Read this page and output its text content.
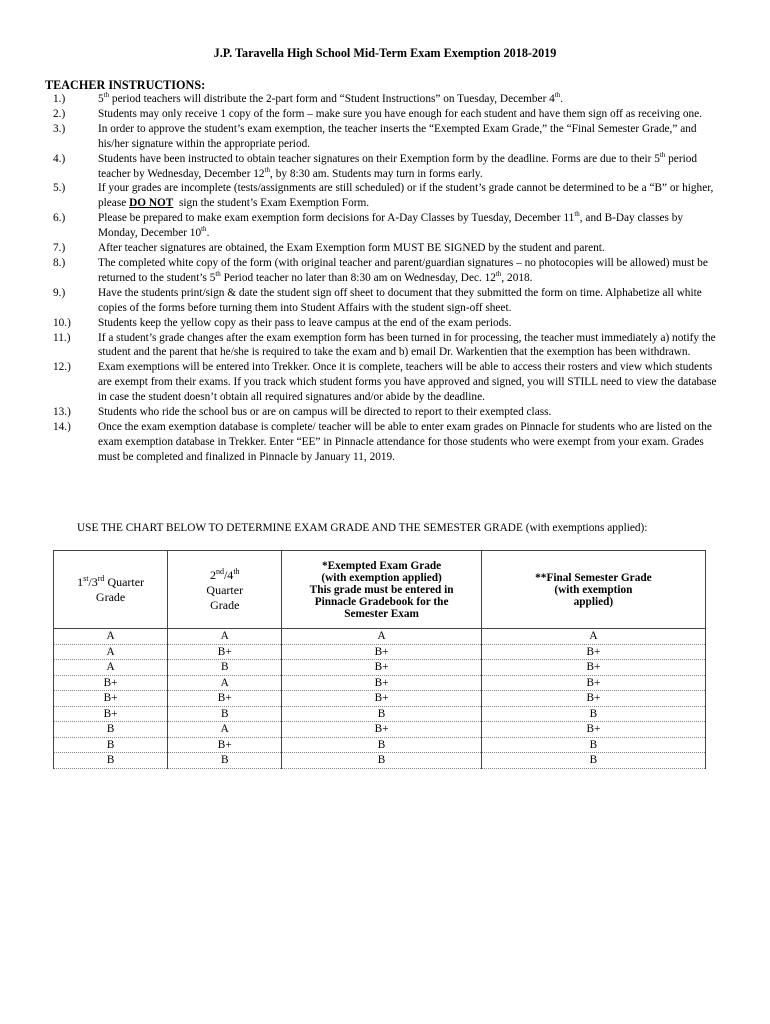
J.P. Taravella High School Mid-Term Exam Exemption 2018-2019
TEACHER INSTRUCTIONS:
1.)	5th period teachers will distribute the 2-part form and “Student Instructions” on Tuesday, December 4th.
2.)	Students may only receive 1 copy of the form – make sure you have enough for each student and have them sign off as receiving one.
3.)	In order to approve the student’s exam exemption, the teacher inserts the “Exempted Exam Grade,” the “Final Semester Grade,” and his/her signature within the appropriate period.
4.)	Students have been instructed to obtain teacher signatures on their Exemption form by the deadline. Forms are due to their 5th period teacher by Wednesday, December 12th, by 8:30 am. Students may turn in forms early.
5.)	If your grades are incomplete (tests/assignments are still scheduled) or if the student’s grade cannot be determined to be a “B” or higher, please DO NOT  sign the student’s Exam Exemption Form.
6.)	Please be prepared to make exam exemption form decisions for A-Day Classes by Tuesday, December 11th, and B-Day classes by Monday, December 10th.
7.)	After teacher signatures are obtained, the Exam Exemption form MUST BE SIGNED by the student and parent.
8.)	The completed white copy of the form (with original teacher and parent/guardian signatures – no photocopies will be allowed) must be returned to the student’s 5th Period teacher no later than 8:30 am on Wednesday, Dec. 12th, 2018.
9.)	Have the students print/sign & date the student sign off sheet to document that they submitted the form on time. Alphabetize all white copies of the forms before turning them into Student Affairs with the student sign-off sheet.
10.)	Students keep the yellow copy as their pass to leave campus at the end of the exam periods.
11.)	If a student’s grade changes after the exam exemption form has been turned in for processing, the teacher must immediately a) notify the student and the parent that he/she is required to take the exam and b) email Dr. Warkentien that the exemption has been withdrawn.
12.)	Exam exemptions will be entered into Trekker. Once it is complete, teachers will be able to access their rosters and view which students are exempt from their exams. If you track which student forms you have approved and signed, you will STILL need to view the database in case the student doesn’t obtain all required signatures and/or abide by the deadline.
13.)	Students who ride the school bus or are on campus will be directed to report to their exempted class.
14.)	Once the exam exemption database is complete/ teacher will be able to enter exam grades on Pinnacle for students who are listed on the exam exemption database in Trekker. Enter “EE” in Pinnacle attendance for those students who were exempt from your exam. Grades must be completed and finalized in Pinnacle by January 11, 2019.
USE THE CHART BELOW TO DETERMINE EXAM GRADE AND THE SEMESTER GRADE (with exemptions applied):
1st/3rd Quarter
Grade	2nd/4th
Quarter
Grade	*Exempted Exam Grade
(with exemption applied)
This grade must be entered in
Pinnacle Gradebook for the
Semester Exam	**Final Semester Grade
(with exemption
applied)
A	A	A	A
A	B+	B+	B+
A	B	B+	B+
B+	A	B+	B+
B+	B+	B+	B+
B+	B	B	B
B	A	B+	B+
B	B+	B	B
B	B	B	B
